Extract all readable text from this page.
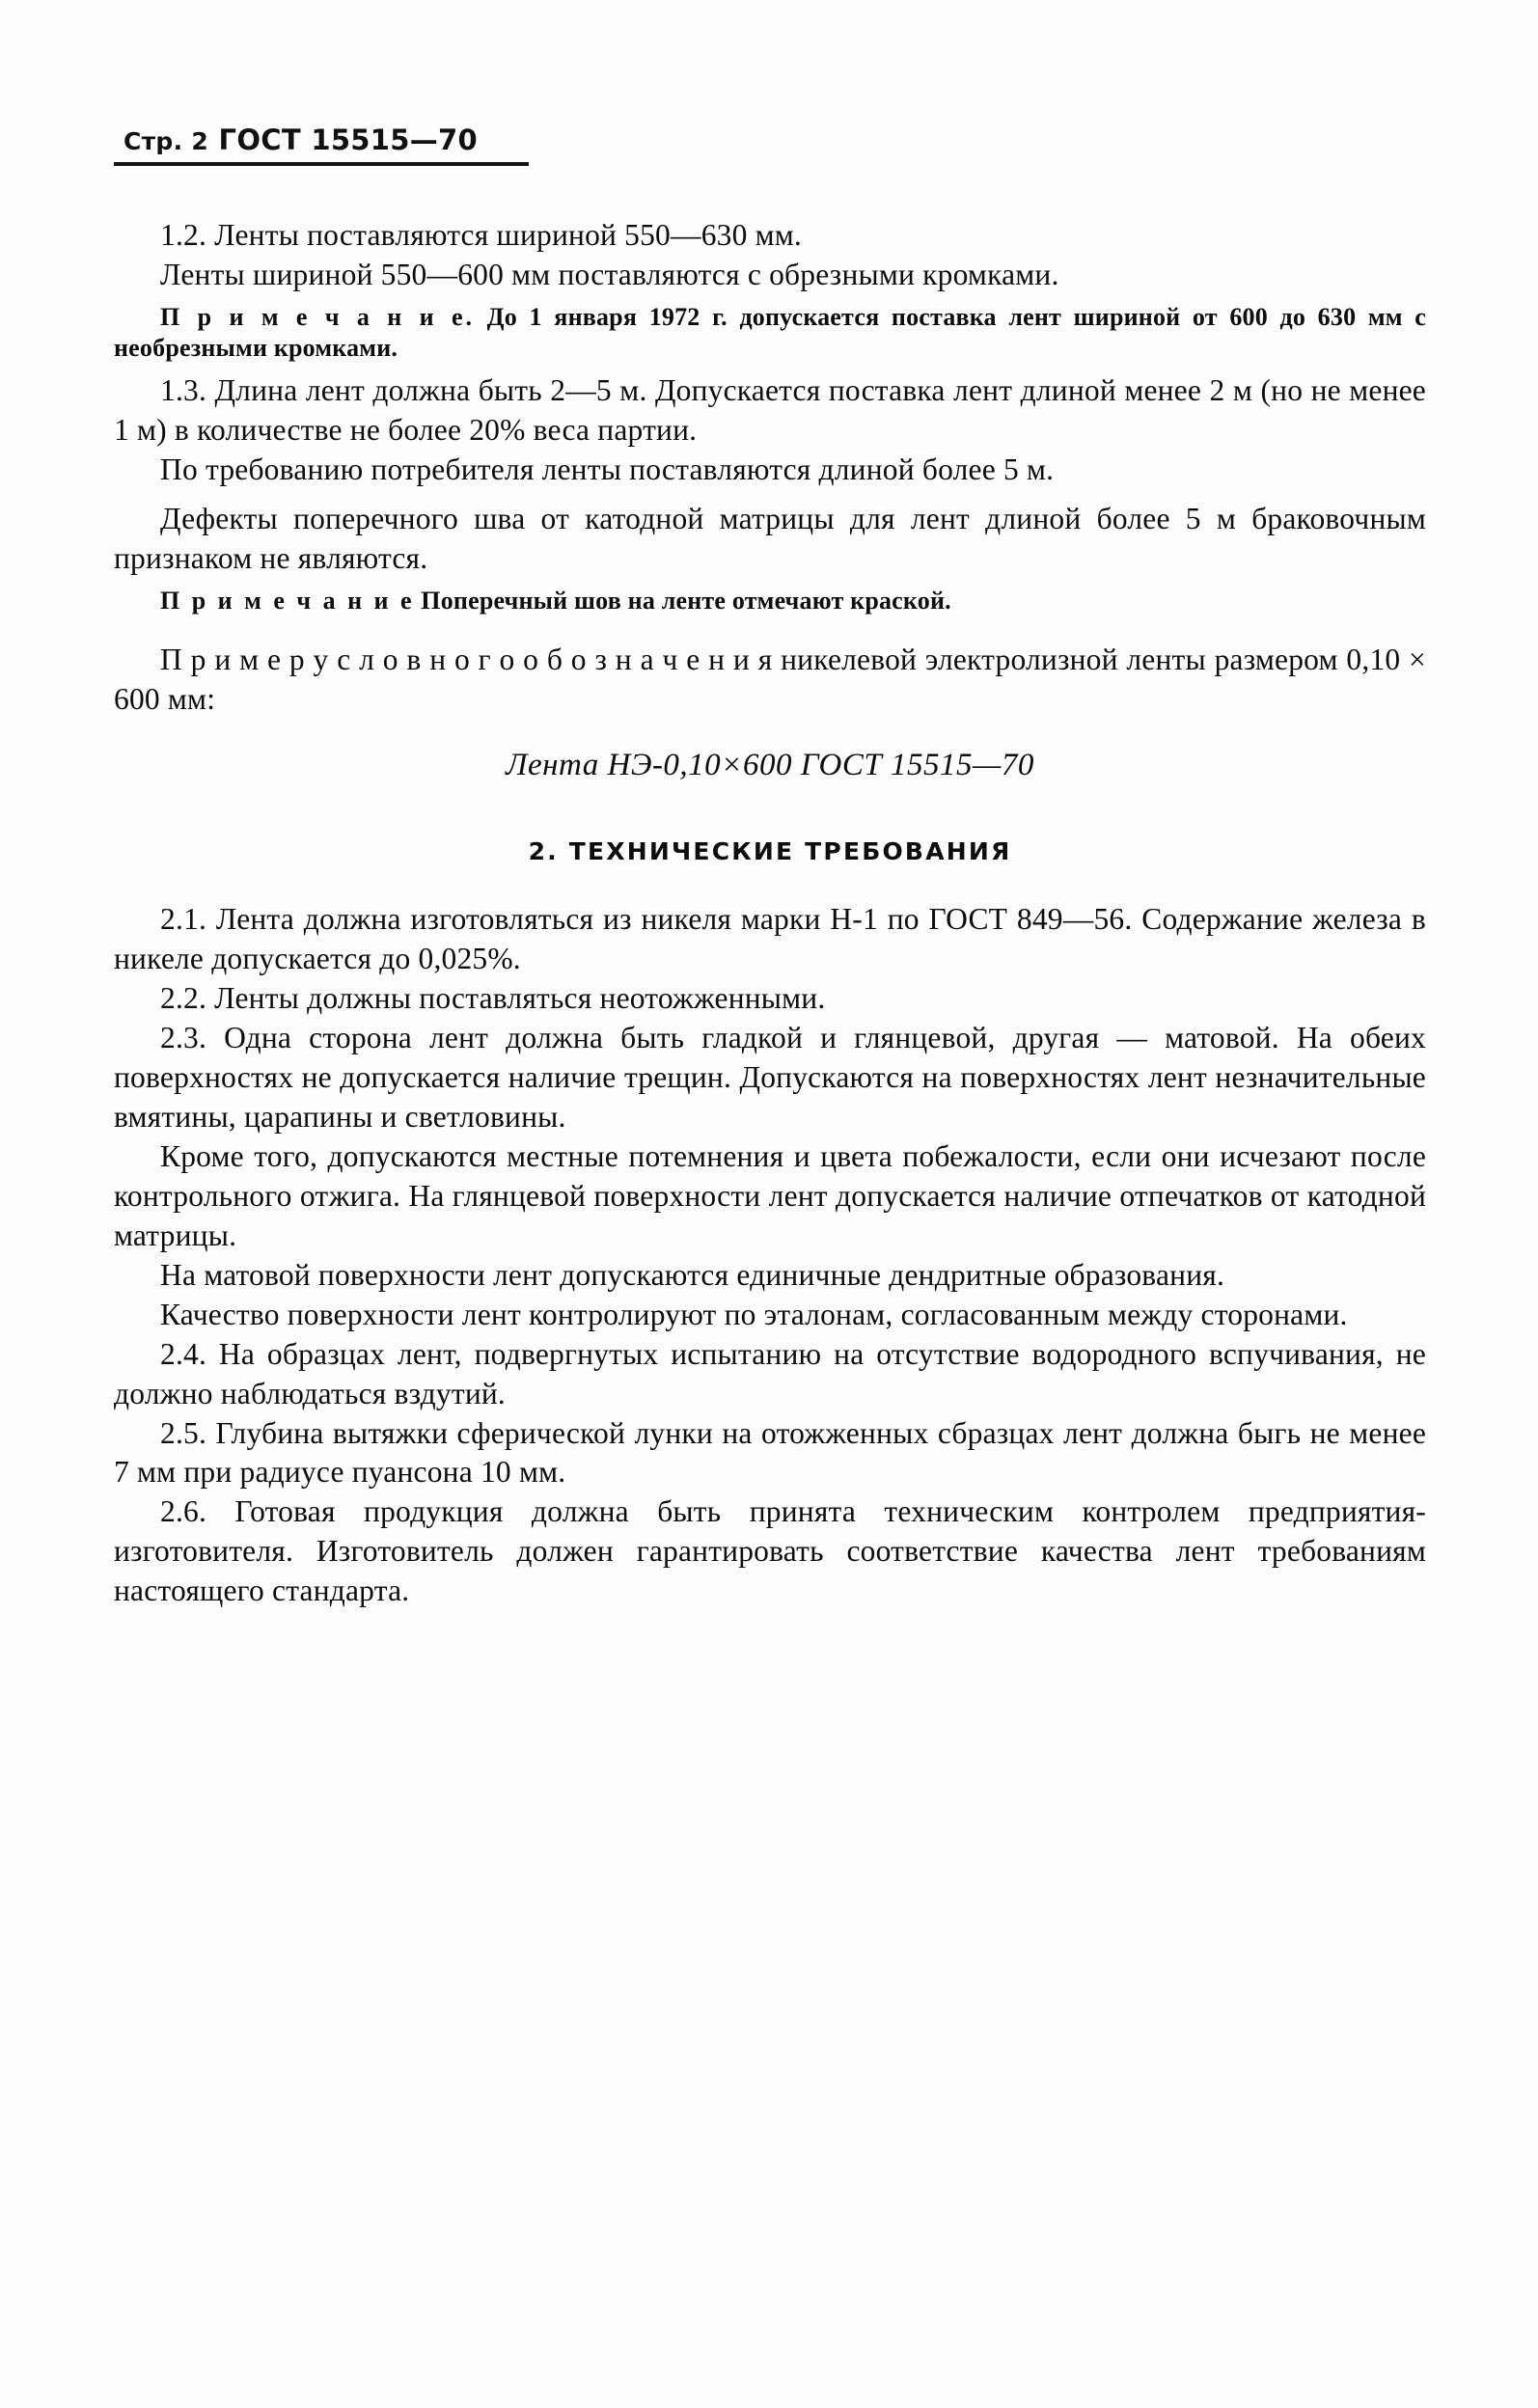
Стр. 2 ГОСТ 15515—70

1.2. Ленты поставляются шириной 550—630 мм.

Ленты шириной 550—600 мм поставляются с обрезными кромками.

П р и м е ч а н и е. До 1 января 1972 г. допускается поставка лент шириной от 600 до 630 мм с необрезными кромками.

1.3. Длина лент должна быть 2—5 м. Допускается поставка лент длиной менее 2 м (но не менее 1 м) в количестве не более 20% веса партии.

По требованию потребителя ленты поставляются длиной более 5 м.

Дефекты поперечного шва от катодной матрицы для лент длиной более 5 м браковочным признаком не являются.

П р и м е ч а н и е Поперечный шов на ленте отмечают краской.

П р и м е р у с л о в н о г о о б о з н а ч е н и я никелевой электролизной ленты размером 0,10 × 600 мм:

Лента НЭ-0,10×600 ГОСТ 15515—70

2. ТЕХНИЧЕСКИЕ ТРЕБОВАНИЯ

2.1. Лента должна изготовляться из никеля марки Н-1 по ГОСТ 849—56. Содержание железа в никеле допускается до 0,025%.

2.2. Ленты должны поставляться неотожженными.

2.3. Одна сторона лент должна быть гладкой и глянцевой, другая — матовой. На обеих поверхностях не допускается наличие трещин. Допускаются на поверхностях лент незначительные вмятины, царапины и светловины.

Кроме того, допускаются местные потемнения и цвета побежалости, если они исчезают после контрольного отжига. На глянцевой поверхности лент допускается наличие отпечатков от катодной матрицы.

На матовой поверхности лент допускаются единичные дендритные образования.

Качество поверхности лент контролируют по эталонам, согласованным между сторонами.

2.4. На образцах лент, подвергнутых испытанию на отсутствие водородного вспучивания, не должно наблюдаться вздутий.

2.5. Глубина вытяжки сферической лунки на отожженных сбразцах лент должна быгь не менее 7 мм при радиусе пуансона 10 мм.

2.6. Готовая продукция должна быть принята техническим контролем предприятия-изготовителя. Изготовитель должен гарантировать соответствие качества лент требованиям настоящего стандарта.
